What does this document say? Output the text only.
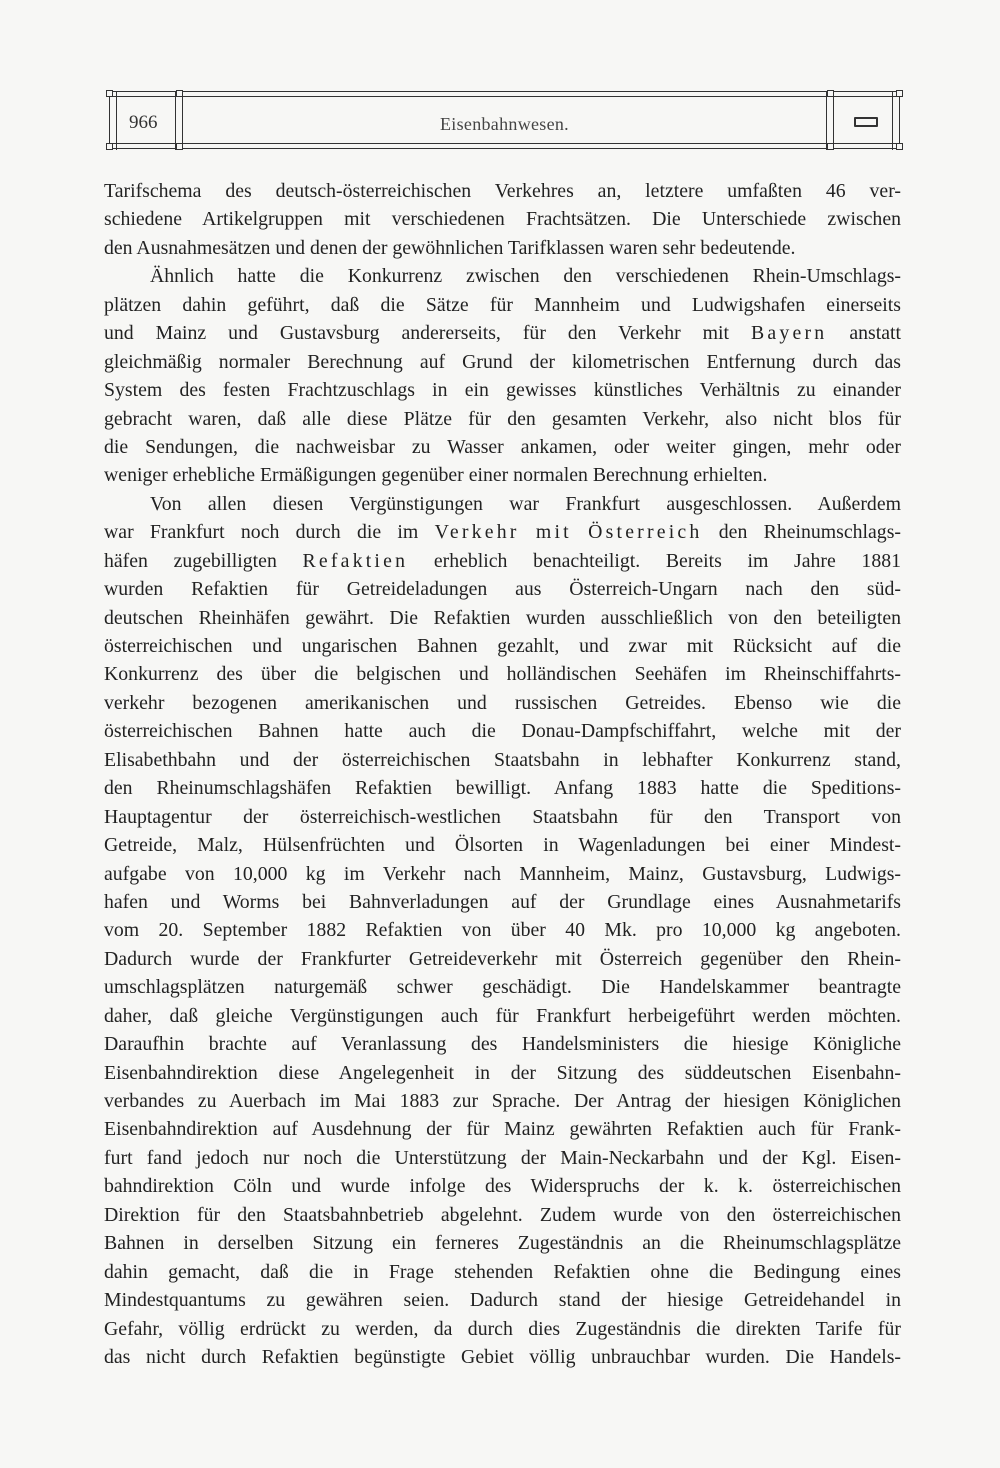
966	Eisenbahnwesen.
Tarifschema des deutsch-österreichischen Verkehres an, letztere umfaßten 46 ver-
schiedene Artikelgruppen mit verschiedenen Frachtsätzen. Die Unterschiede zwischen
den Ausnahmesätzen und denen der gewöhnlichen Tarifklassen waren sehr bedeutende.
Ähnlich hatte die Konkurrenz zwischen den verschiedenen Rhein-Umschlags-
plätzen dahin geführt, daß die Sätze für Mannheim und Ludwigshafen einerseits
und Mainz und Gustavsburg andererseits, für den Verkehr mit Bayern anstatt
gleichmäßig normaler Berechnung auf Grund der kilometrischen Entfernung durch das
System des festen Frachtzuschlags in ein gewisses künstliches Verhältnis zu einander
gebracht waren, daß alle diese Plätze für den gesamten Verkehr, also nicht blos für
die Sendungen, die nachweisbar zu Wasser ankamen, oder weiter gingen, mehr oder
weniger erhebliche Ermäßigungen gegenüber einer normalen Berechnung erhielten.
Von allen diesen Vergünstigungen war Frankfurt ausgeschlossen. Außerdem
war Frankfurt noch durch die im Verkehr mit Österreich den Rheinumschlags-
häfen zugebilligten Refaktien erheblich benachteiligt. Bereits im Jahre 1881
wurden Refaktien für Getreideladungen aus Österreich-Ungarn nach den süd-
deutschen Rheinhäfen gewährt. Die Refaktien wurden ausschließlich von den beteiligten
österreichischen und ungarischen Bahnen gezahlt, und zwar mit Rücksicht auf die
Konkurrenz des über die belgischen und holländischen Seehäfen im Rheinschiffahrts-
verkehr bezogenen amerikanischen und russischen Getreides. Ebenso wie die
österreichischen Bahnen hatte auch die Donau-Dampfschiffahrt, welche mit der
Elisabethbahn und der österreichischen Staatsbahn in lebhafter Konkurrenz stand,
den Rheinumschlagshäfen Refaktien bewilligt. Anfang 1883 hatte die Speditions-
Hauptagentur der österreichisch-westlichen Staatsbahn für den Transport von
Getreide, Malz, Hülsenfrüchten und Ölsorten in Wagenladungen bei einer Mindest-
aufgabe von 10,000 kg im Verkehr nach Mannheim, Mainz, Gustavsburg, Ludwigs-
hafen und Worms bei Bahnverladungen auf der Grundlage eines Ausnahmetarifs
vom 20. September 1882 Refaktien von über 40 Mk. pro 10,000 kg angeboten.
Dadurch wurde der Frankfurter Getreideverkehr mit Österreich gegenüber den Rhein-
umschlagsplätzen naturgemäß schwer geschädigt. Die Handelskammer beantragte
daher, daß gleiche Vergünstigungen auch für Frankfurt herbeigeführt werden möchten.
Daraufhin brachte auf Veranlassung des Handelsministers die hiesige Königliche
Eisenbahndirektion diese Angelegenheit in der Sitzung des süddeutschen Eisenbahn-
verbandes zu Auerbach im Mai 1883 zur Sprache. Der Antrag der hiesigen Königlichen
Eisenbahndirektion auf Ausdehnung der für Mainz gewährten Refaktien auch für Frank-
furt fand jedoch nur noch die Unterstützung der Main-Neckarbahn und der Kgl. Eisen-
bahndirektion Cöln und wurde infolge des Widerspruchs der k. k. österreichischen
Direktion für den Staatsbahnbetrieb abgelehnt. Zudem wurde von den österreichischen
Bahnen in derselben Sitzung ein ferneres Zugeständnis an die Rheinumschlagsplätze
dahin gemacht, daß die in Frage stehenden Refaktien ohne die Bedingung eines
Mindestquantums zu gewähren seien. Dadurch stand der hiesige Getreidehandel in
Gefahr, völlig erdrückt zu werden, da durch dies Zugeständnis die direkten Tarife für
das nicht durch Refaktien begünstigte Gebiet völlig unbrauchbar wurden. Die Handels-
